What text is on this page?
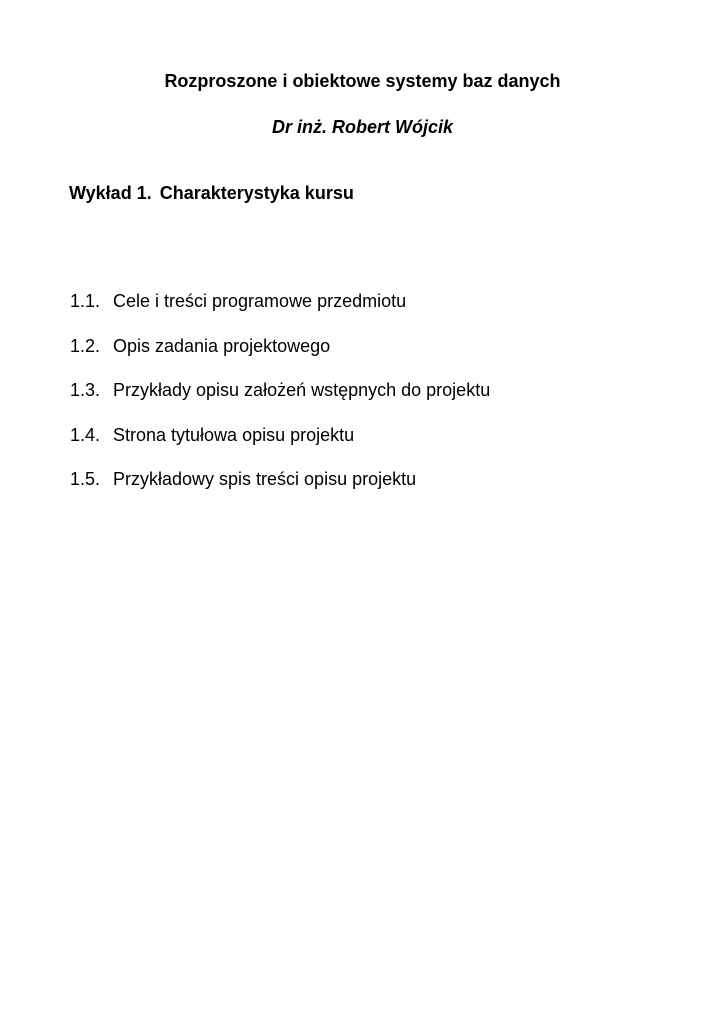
Rozproszone i obiektowe systemy baz danych
Dr inż. Robert Wójcik
Wykład 1. Charakterystyka kursu
1.1. Cele i treści programowe przedmiotu
1.2. Opis zadania projektowego
1.3. Przykłady opisu założeń wstępnych do projektu
1.4. Strona tytułowa opisu projektu
1.5. Przykładowy spis treści opisu projektu
